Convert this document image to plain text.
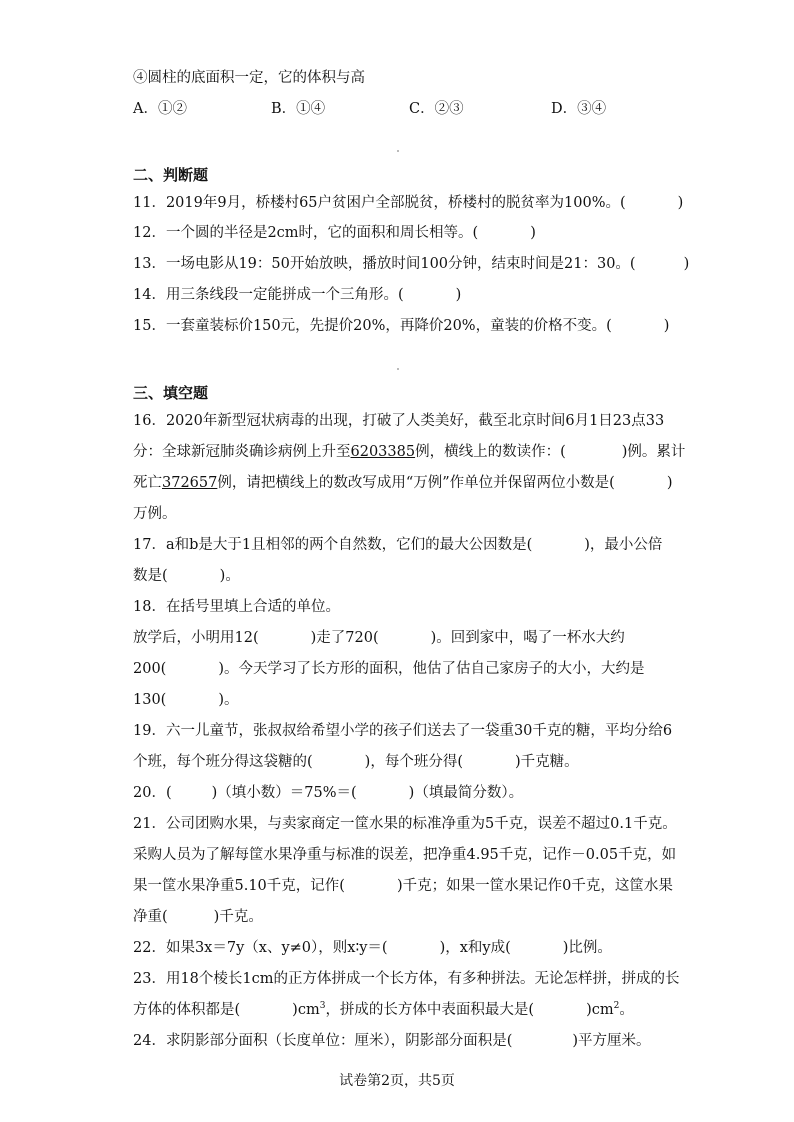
④圆柱的底面积一定，它的体积与高
A．①②	B．①④	C．②③	D．③④
二、判断题
11．2019年9月，桥楼村65户贫困户全部脱贫，桥楼村的脱贫率为100%。(	)
12．一个圆的半径是2cm时，它的面积和周长相等。(	)
13．一场电影从19：50开始放映，播放时间100分钟，结束时间是21：30。(	)
14．用三条线段一定能拼成一个三角形。(	)
15．一套童装标价150元，先提价20%，再降价20%，童装的价格不变。(	)
三、填空题
16．2020年新型冠状病毒的出现，打破了人类美好，截至北京时间6月1日23点33
分：全球新冠肺炎确诊病例上升至6203385例，横线上的数读作：(	)例。累计
死亡372657例，请把横线上的数改写成用“万例”作单位并保留两位小数是(	)
万例。
17．a和b是大于1且相邻的两个自然数，它们的最大公因数是(	)，最小公倍
数是(	)。
18．在括号里填上合适的单位。
放学后，小明用12(	)走了720(	)。回到家中，喝了一杯水大约
200(	)。今天学习了长方形的面积，他估了估自己家房子的大小，大约是
130(	)。
19．六一儿童节，张叔叔给希望小学的孩子们送去了一袋重30千克的糖，平均分给6
个班，每个班分得这袋糖的(	)，每个班分得(	)千克糖。
20．(	)（填小数）＝75%＝(	)（填最简分数）。
21．公司团购水果，与卖家商定一筐水果的标准净重为5千克，误差不超过0.1千克。
采购人员为了解每筐水果净重与标准的误差，把净重4.95千克，记作－0.05千克，如
果一筐水果净重5.10千克，记作(	)千克；如果一筐水果记作0千克，这筐水果
净重(	)千克。
22．如果3x＝7y（x、y≠0），则x∶y＝(	)，x和y成(	)比例。
23．用18个棱长1cm的正方体拼成一个长方体，有多种拼法。无论怎样拼，拼成的长
方体的体积都是(	)$cm^3$，拼成的长方体中表面积最大是(	)$cm^2$。
24．求阴影部分面积（长度单位：厘米），阴影部分面积是(	)平方厘米。
试卷第2页，共5页
